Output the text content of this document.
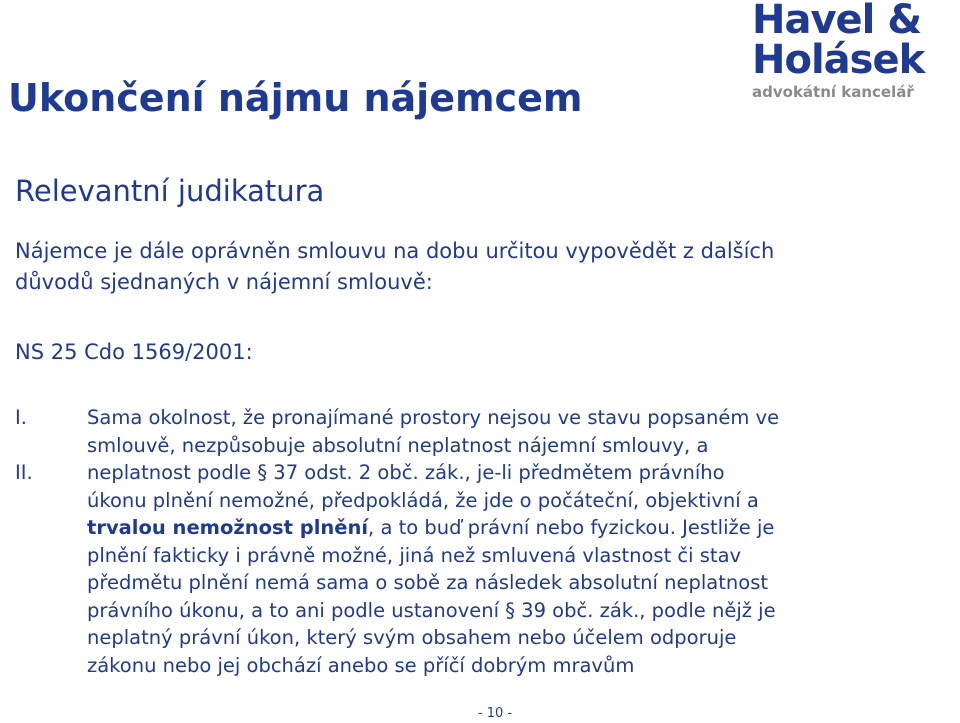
Havel &
Holásek
advokátní kancelář
Ukončení nájmu nájemcem
Relevantní judikatura
Nájemce je dále oprávněn smlouvu na dobu určitou vypovědět z dalších
důvodů sjednaných v nájemní smlouvě:
NS 25 Cdo 1569/2001:
I.	Sama okolnost, že pronajímané prostory nejsou ve stavu popsaném ve
smlouvě, nezpůsobuje absolutní neplatnost nájemní smlouvy, a
II.	neplatnost podle § 37 odst. 2 obč. zák., je-li předmětem právního
úkonu plnění nemožné, předpokládá, že jde o počáteční, objektivní a
trvalou nemožnost plnění, a to buď právní nebo fyzickou. Jestliže je
plnění fakticky i právně možné, jiná než smluvená vlastnost či stav
předmětu plnění nemá sama o sobě za následek absolutní neplatnost
právního úkonu, a to ani podle ustanovení § 39 obč. zák., podle nějž je
neplatný právní úkon, který svým obsahem nebo účelem odporuje
zákonu nebo jej obchází anebo se příčí dobrým mravům
- 10 -
